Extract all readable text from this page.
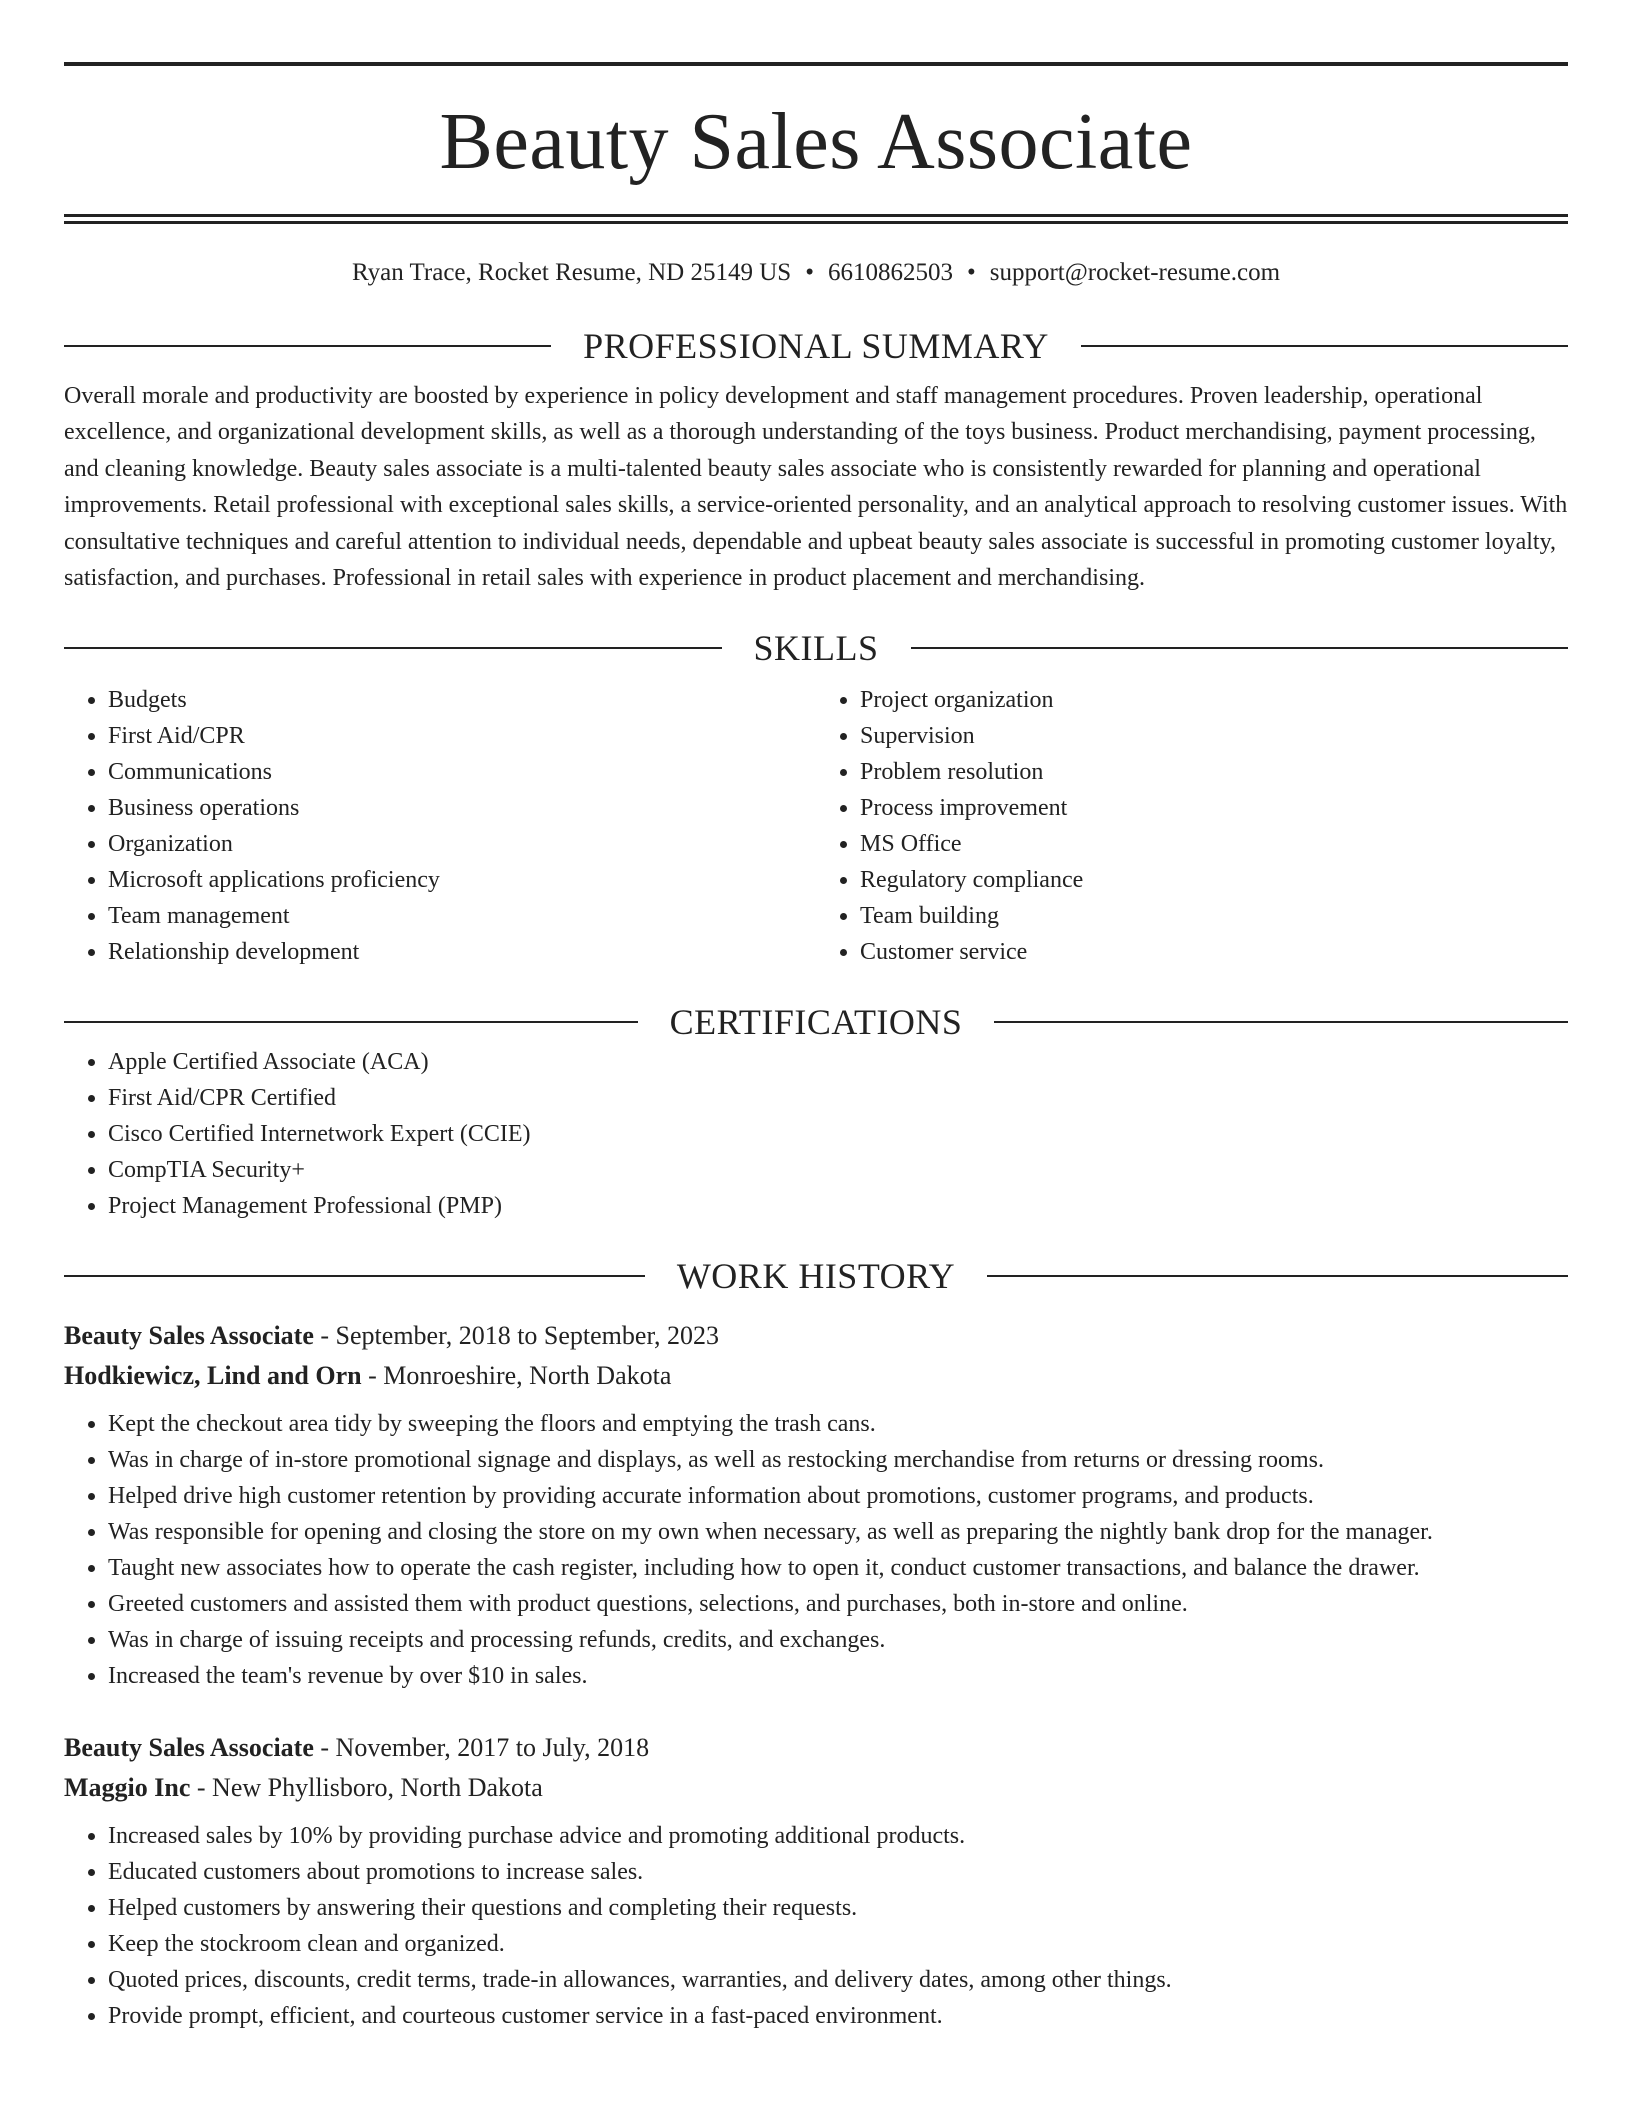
Beauty Sales Associate
Ryan Trace, Rocket Resume, ND 25149 US • 6610862503 • support@rocket-resume.com
PROFESSIONAL SUMMARY

Overall morale and productivity are boosted by experience in policy development and staff management procedures. Proven leadership, operational excellence, and organizational development skills, as well as a thorough understanding of the toys business. Product merchandising, payment processing, and cleaning knowledge. Beauty sales associate is a multi-talented beauty sales associate who is consistently rewarded for planning and operational improvements. Retail professional with exceptional sales skills, a service-oriented personality, and an analytical approach to resolving customer issues. With consultative techniques and careful attention to individual needs, dependable and upbeat beauty sales associate is successful in promoting customer loyalty, satisfaction, and purchases. Professional in retail sales with experience in product placement and merchandising.

SKILLS
• Budgets
• First Aid/CPR
• Communications
• Business operations
• Organization
• Microsoft applications proficiency
• Team management
• Relationship development
• Project organization
• Supervision
• Problem resolution
• Process improvement
• MS Office
• Regulatory compliance
• Team building
• Customer service
CERTIFICATIONS
• Apple Certified Associate (ACA)
• First Aid/CPR Certified
• Cisco Certified Internetwork Expert (CCIE)
• CompTIA Security+
• Project Management Professional (PMP)
WORK HISTORY
Beauty Sales Associate - September, 2018 to September, 2023
Hodkiewicz, Lind and Orn - Monroeshire, North Dakota
• Kept the checkout area tidy by sweeping the floors and emptying the trash cans.
• Was in charge of in-store promotional signage and displays, as well as restocking merchandise from returns or dressing rooms.
• Helped drive high customer retention by providing accurate information about promotions, customer programs, and products.
• Was responsible for opening and closing the store on my own when necessary, as well as preparing the nightly bank drop for the manager.
• Taught new associates how to operate the cash register, including how to open it, conduct customer transactions, and balance the drawer.
• Greeted customers and assisted them with product questions, selections, and purchases, both in-store and online.
• Was in charge of issuing receipts and processing refunds, credits, and exchanges.
• Increased the team's revenue by over $10 in sales.
Beauty Sales Associate - November, 2017 to July, 2018
Maggio Inc - New Phyllisboro, North Dakota
• Increased sales by 10% by providing purchase advice and promoting additional products.
• Educated customers about promotions to increase sales.
• Helped customers by answering their questions and completing their requests.
• Keep the stockroom clean and organized.
• Quoted prices, discounts, credit terms, trade-in allowances, warranties, and delivery dates, among other things.
• Provide prompt, efficient, and courteous customer service in a fast-paced environment.
